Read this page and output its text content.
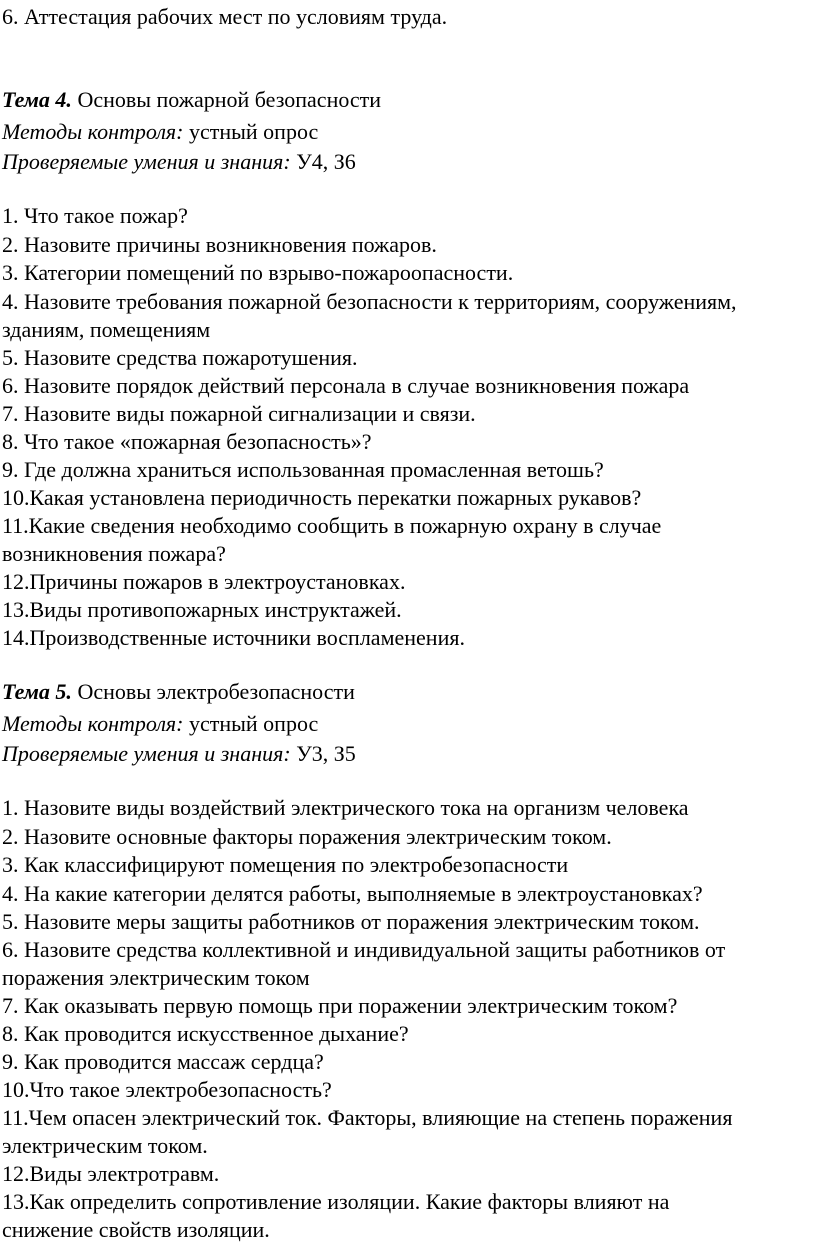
6. Аттестация рабочих мест по условиям труда.
Тема 4. Основы пожарной безопасности
Методы контроля: устный опрос
Проверяемые умения и знания: У4, З6
1. Что такое пожар?
2. Назовите причины возникновения пожаров.
3. Категории помещений по взрыво-пожароопасности.
4. Назовите требования пожарной безопасности к территориям, сооружениям,
зданиям, помещениям
5. Назовите средства пожаротушения.
6. Назовите порядок действий персонала в случае возникновения пожара
7. Назовите виды пожарной сигнализации и связи.
8. Что такое «пожарная безопасность»?
9. Где должна храниться использованная промасленная ветошь?
10.Какая установлена периодичность перекатки пожарных рукавов?
11.Какие сведения необходимо сообщить в пожарную охрану в случае
возникновения пожара?
12.Причины пожаров в электроустановках.
13.Виды противопожарных инструктажей.
14.Производственные источники воспламенения.
Тема 5. Основы электробезопасности
Методы контроля: устный опрос
Проверяемые умения и знания: У3, З5
1. Назовите виды воздействий электрического тока на организм человека
2. Назовите основные факторы поражения электрическим током.
3. Как классифицируют помещения по электробезопасности
4. На какие категории делятся работы, выполняемые в электроустановках?
5. Назовите меры защиты работников от поражения электрическим током.
6. Назовите средства коллективной и индивидуальной защиты работников от
поражения электрическим током
7. Как оказывать первую помощь при поражении электрическим током?
8. Как проводится искусственное дыхание?
9. Как проводится массаж сердца?
10.Что такое электробезопасность?
11.Чем опасен электрический ток. Факторы, влияющие на степень поражения
электрическим током.
12.Виды электротравм.
13.Как определить сопротивление изоляции. Какие факторы влияют на
снижение свойств изоляции.
